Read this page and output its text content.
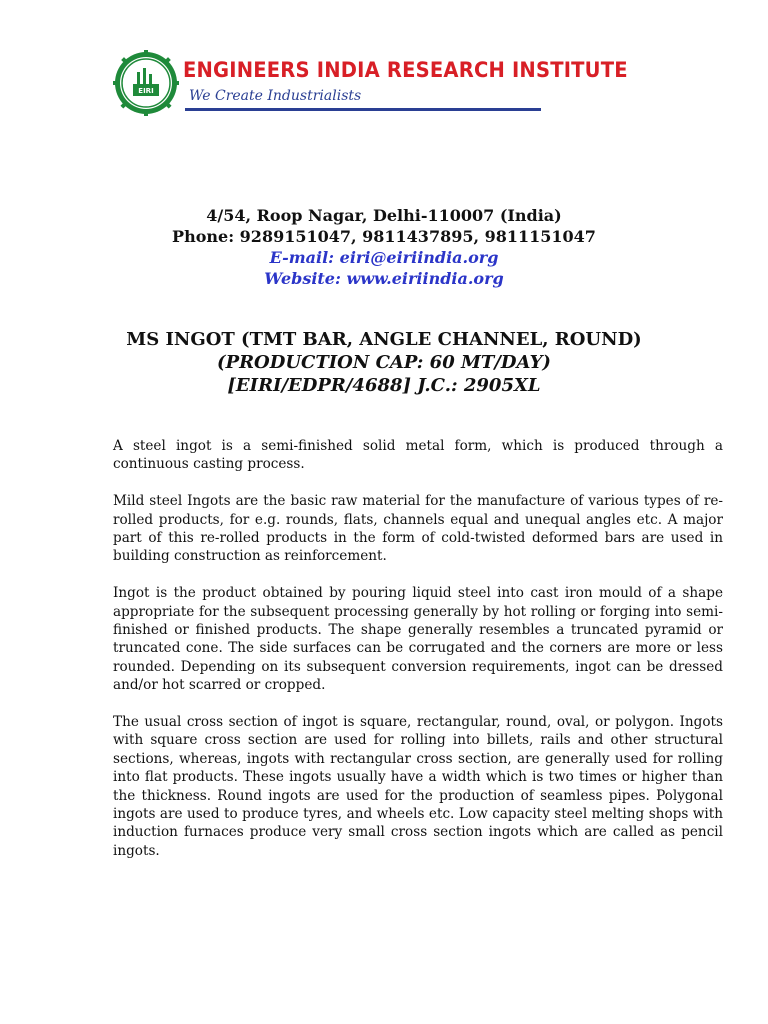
EIRI
ENGINEERS INDIA RESEARCH INSTITUTE
We Create Industrialists
4/54, Roop Nagar, Delhi-110007 (India)
Phone: 9289151047, 9811437895, 9811151047
E-mail: eiri@eiriindia.org
Website: www.eiriindia.org
MS INGOT (TMT BAR, ANGLE CHANNEL, ROUND)
(PRODUCTION CAP: 60 MT/DAY)
[EIRI/EDPR/4688] J.C.: 2905XL

A steel ingot is a semi-finished solid metal form, which is produced through a continuous casting process.

Mild steel Ingots are the basic raw material for the manufacture of various types of re-rolled products, for e.g. rounds, flats, channels equal and unequal angles etc. A major part of this re-rolled products in the form of cold-twisted deformed bars are used in building construction as reinforcement.

Ingot is the product obtained by pouring liquid steel into cast iron mould of a shape appropriate for the subsequent processing generally by hot rolling or forging into semi-finished or finished products. The shape generally resembles a truncated pyramid or truncated cone. The side surfaces can be corrugated and the corners are more or less rounded. Depending on its subsequent conversion requirements, ingot can be dressed and/or hot scarred or cropped.

The usual cross section of ingot is square, rectangular, round, oval, or polygon. Ingots with square cross section are used for rolling into billets, rails and other structural sections, whereas, ingots with rectangular cross section, are generally used for rolling into flat products. These ingots usually have a width which is two times or higher than the thickness. Round ingots are used for the production of seamless pipes. Polygonal ingots are used to produce tyres, and wheels etc. Low capacity steel melting shops with induction furnaces produce very small cross section ingots which are called as pencil ingots.
